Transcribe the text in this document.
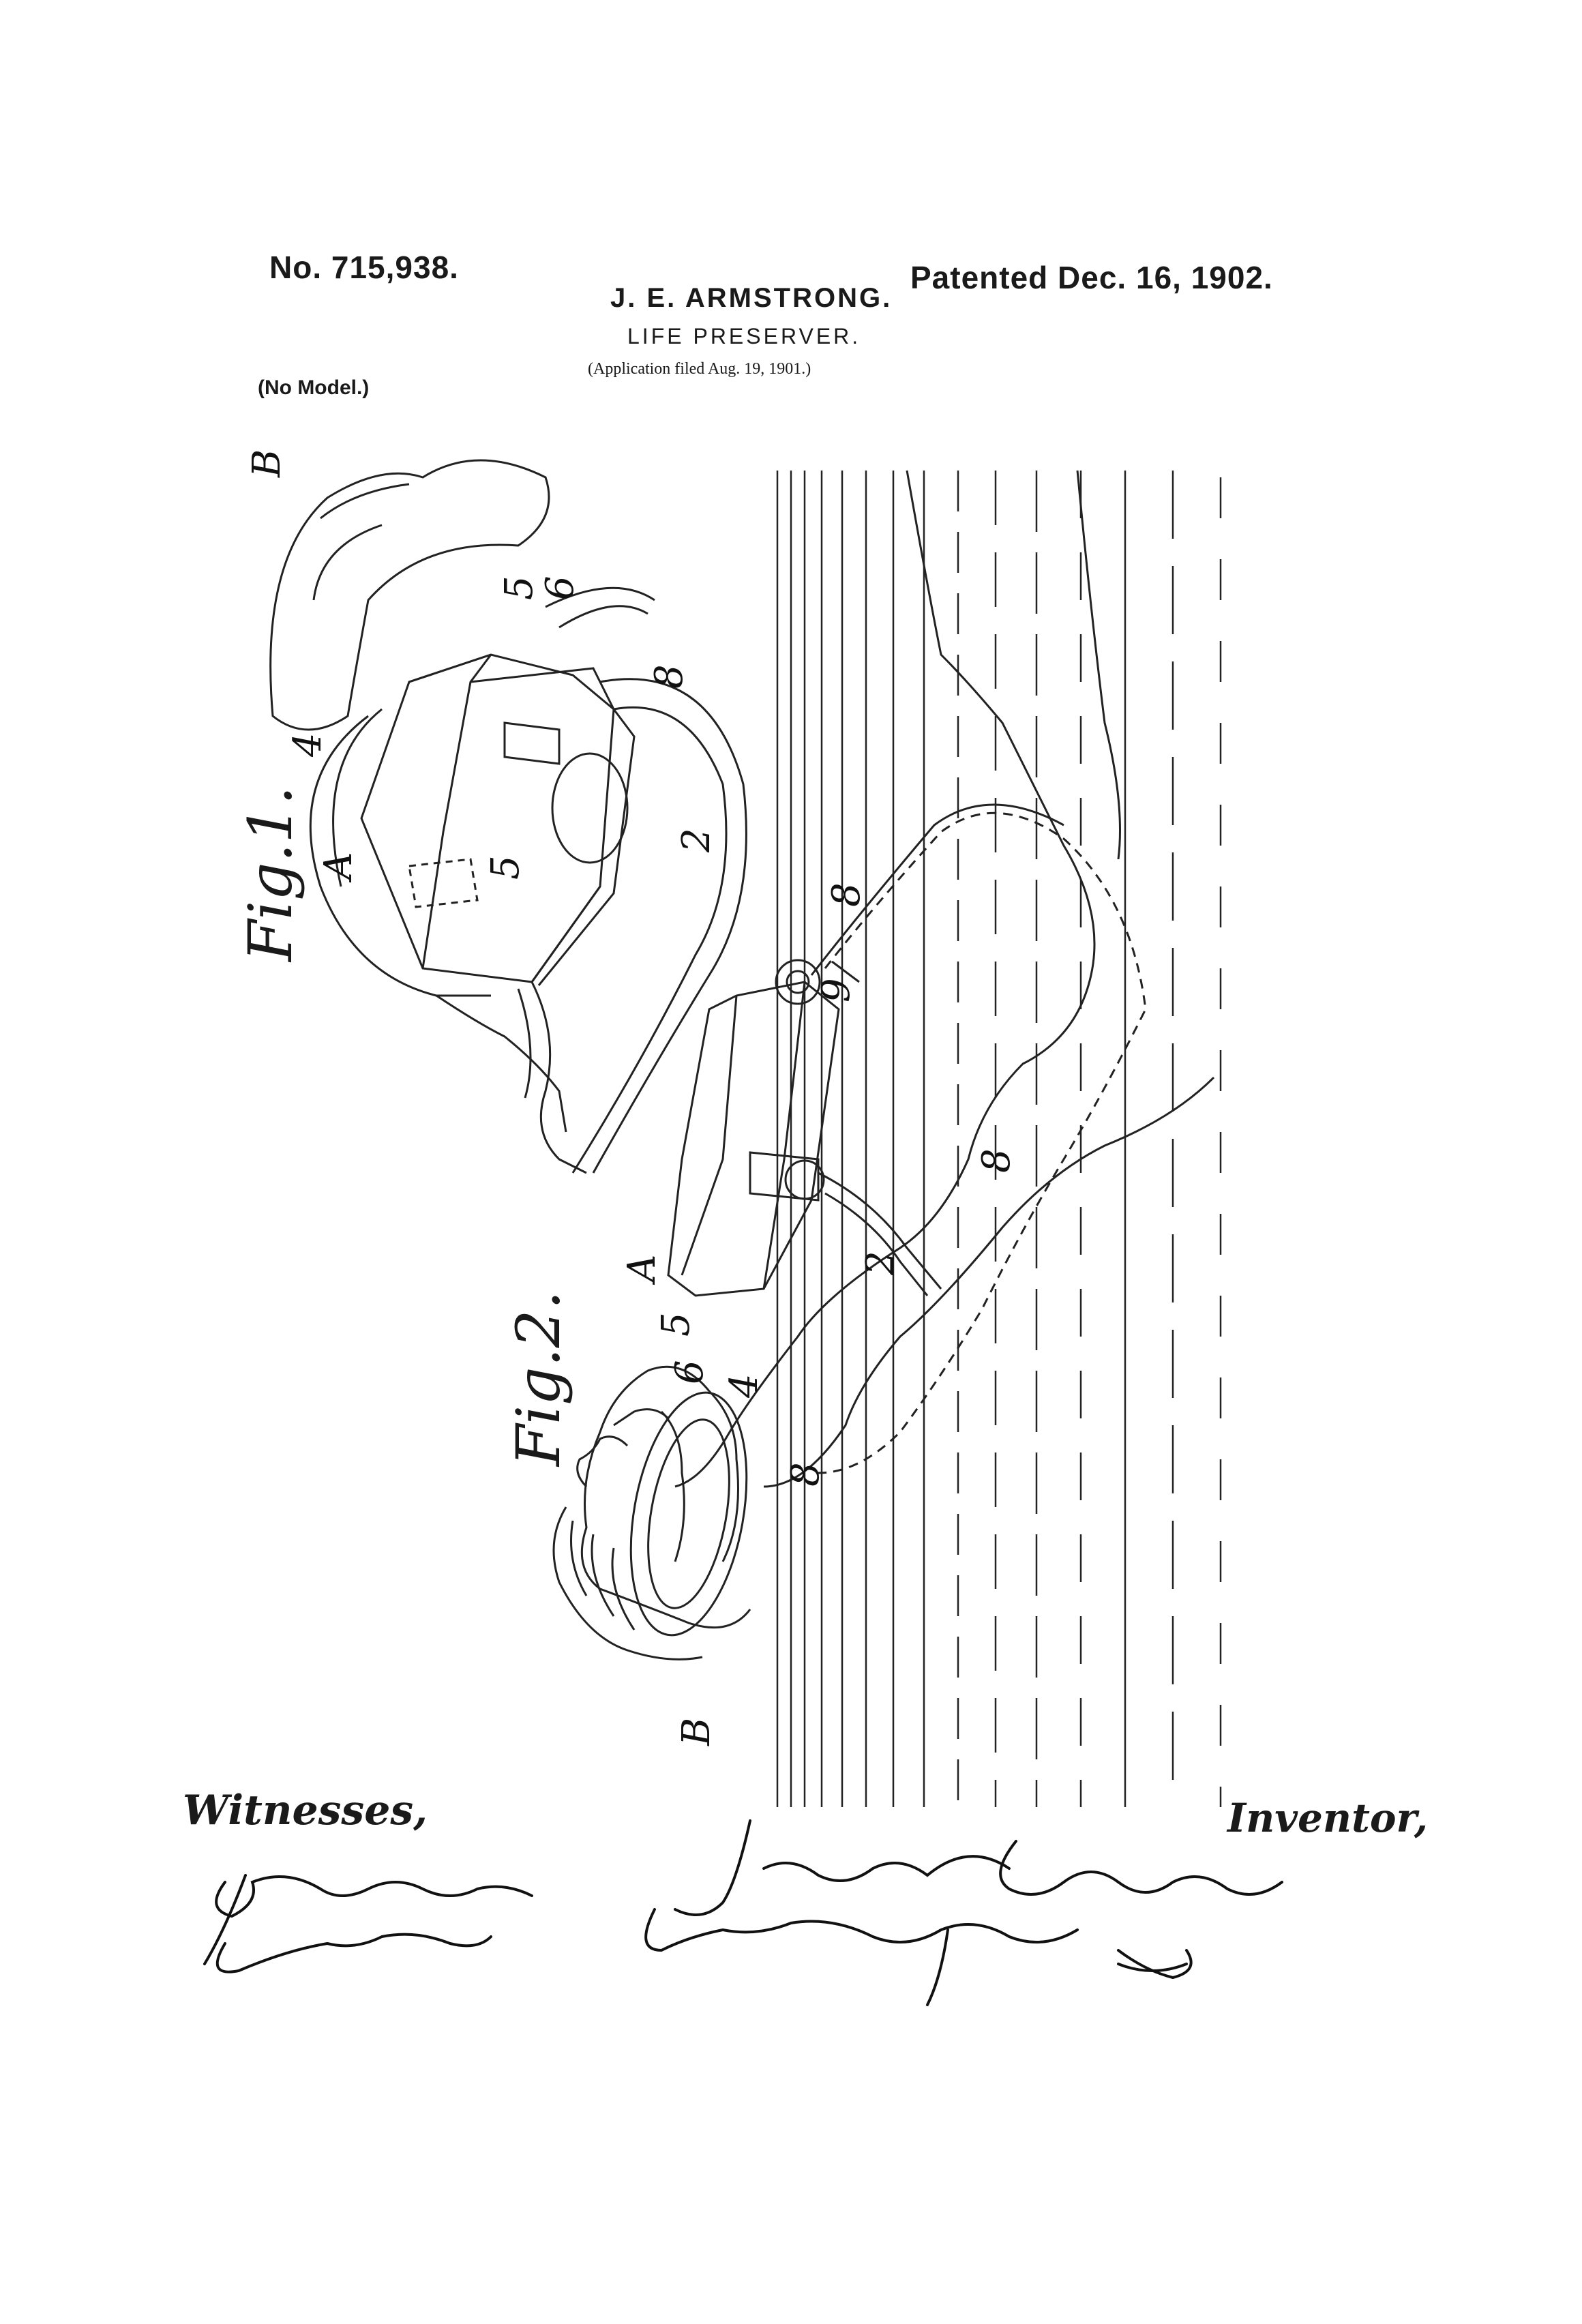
No. 715,938.
J. E. ARMSTRONG.
LIFE PRESERVER.
(Application filed Aug. 19, 1901.)
Patented Dec. 16, 1902.
(No Model.)
Fig.1.
Fig.2.
B
A
4
5
6
8
2
5
8
9
8
2
A
5
6
4
8
B
Witnesses,	Inventor,
